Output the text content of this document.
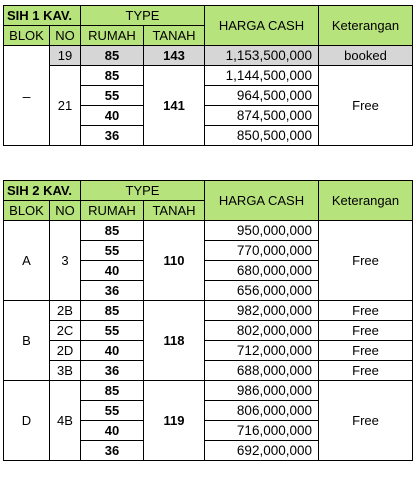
SIH 1 KAV.		TYPE		HARGA CASH	Keterangan
BLOK	NO	RUMAH	TANAH		
–	19	85	143	1,153,500,000	booked
	21	85	141	1,144,500,000	Free
		55		964,500,000	
		40		874,500,000	
		36		850,500,000	
SIH 2 KAV.		TYPE		HARGA CASH	Keterangan
BLOK	NO	RUMAH	TANAH		
A	3	85	110	950,000,000	Free
		55		770,000,000	
		40		680,000,000	
		36		656,000,000	
B	2B	85	118	982,000,000	Free
	2C	55		802,000,000	Free
	2D	40		712,000,000	Free
	3B	36		688,000,000	Free
D	4B	85	119	986,000,000	Free
		55		806,000,000	
		40		716,000,000	
		36		692,000,000	
